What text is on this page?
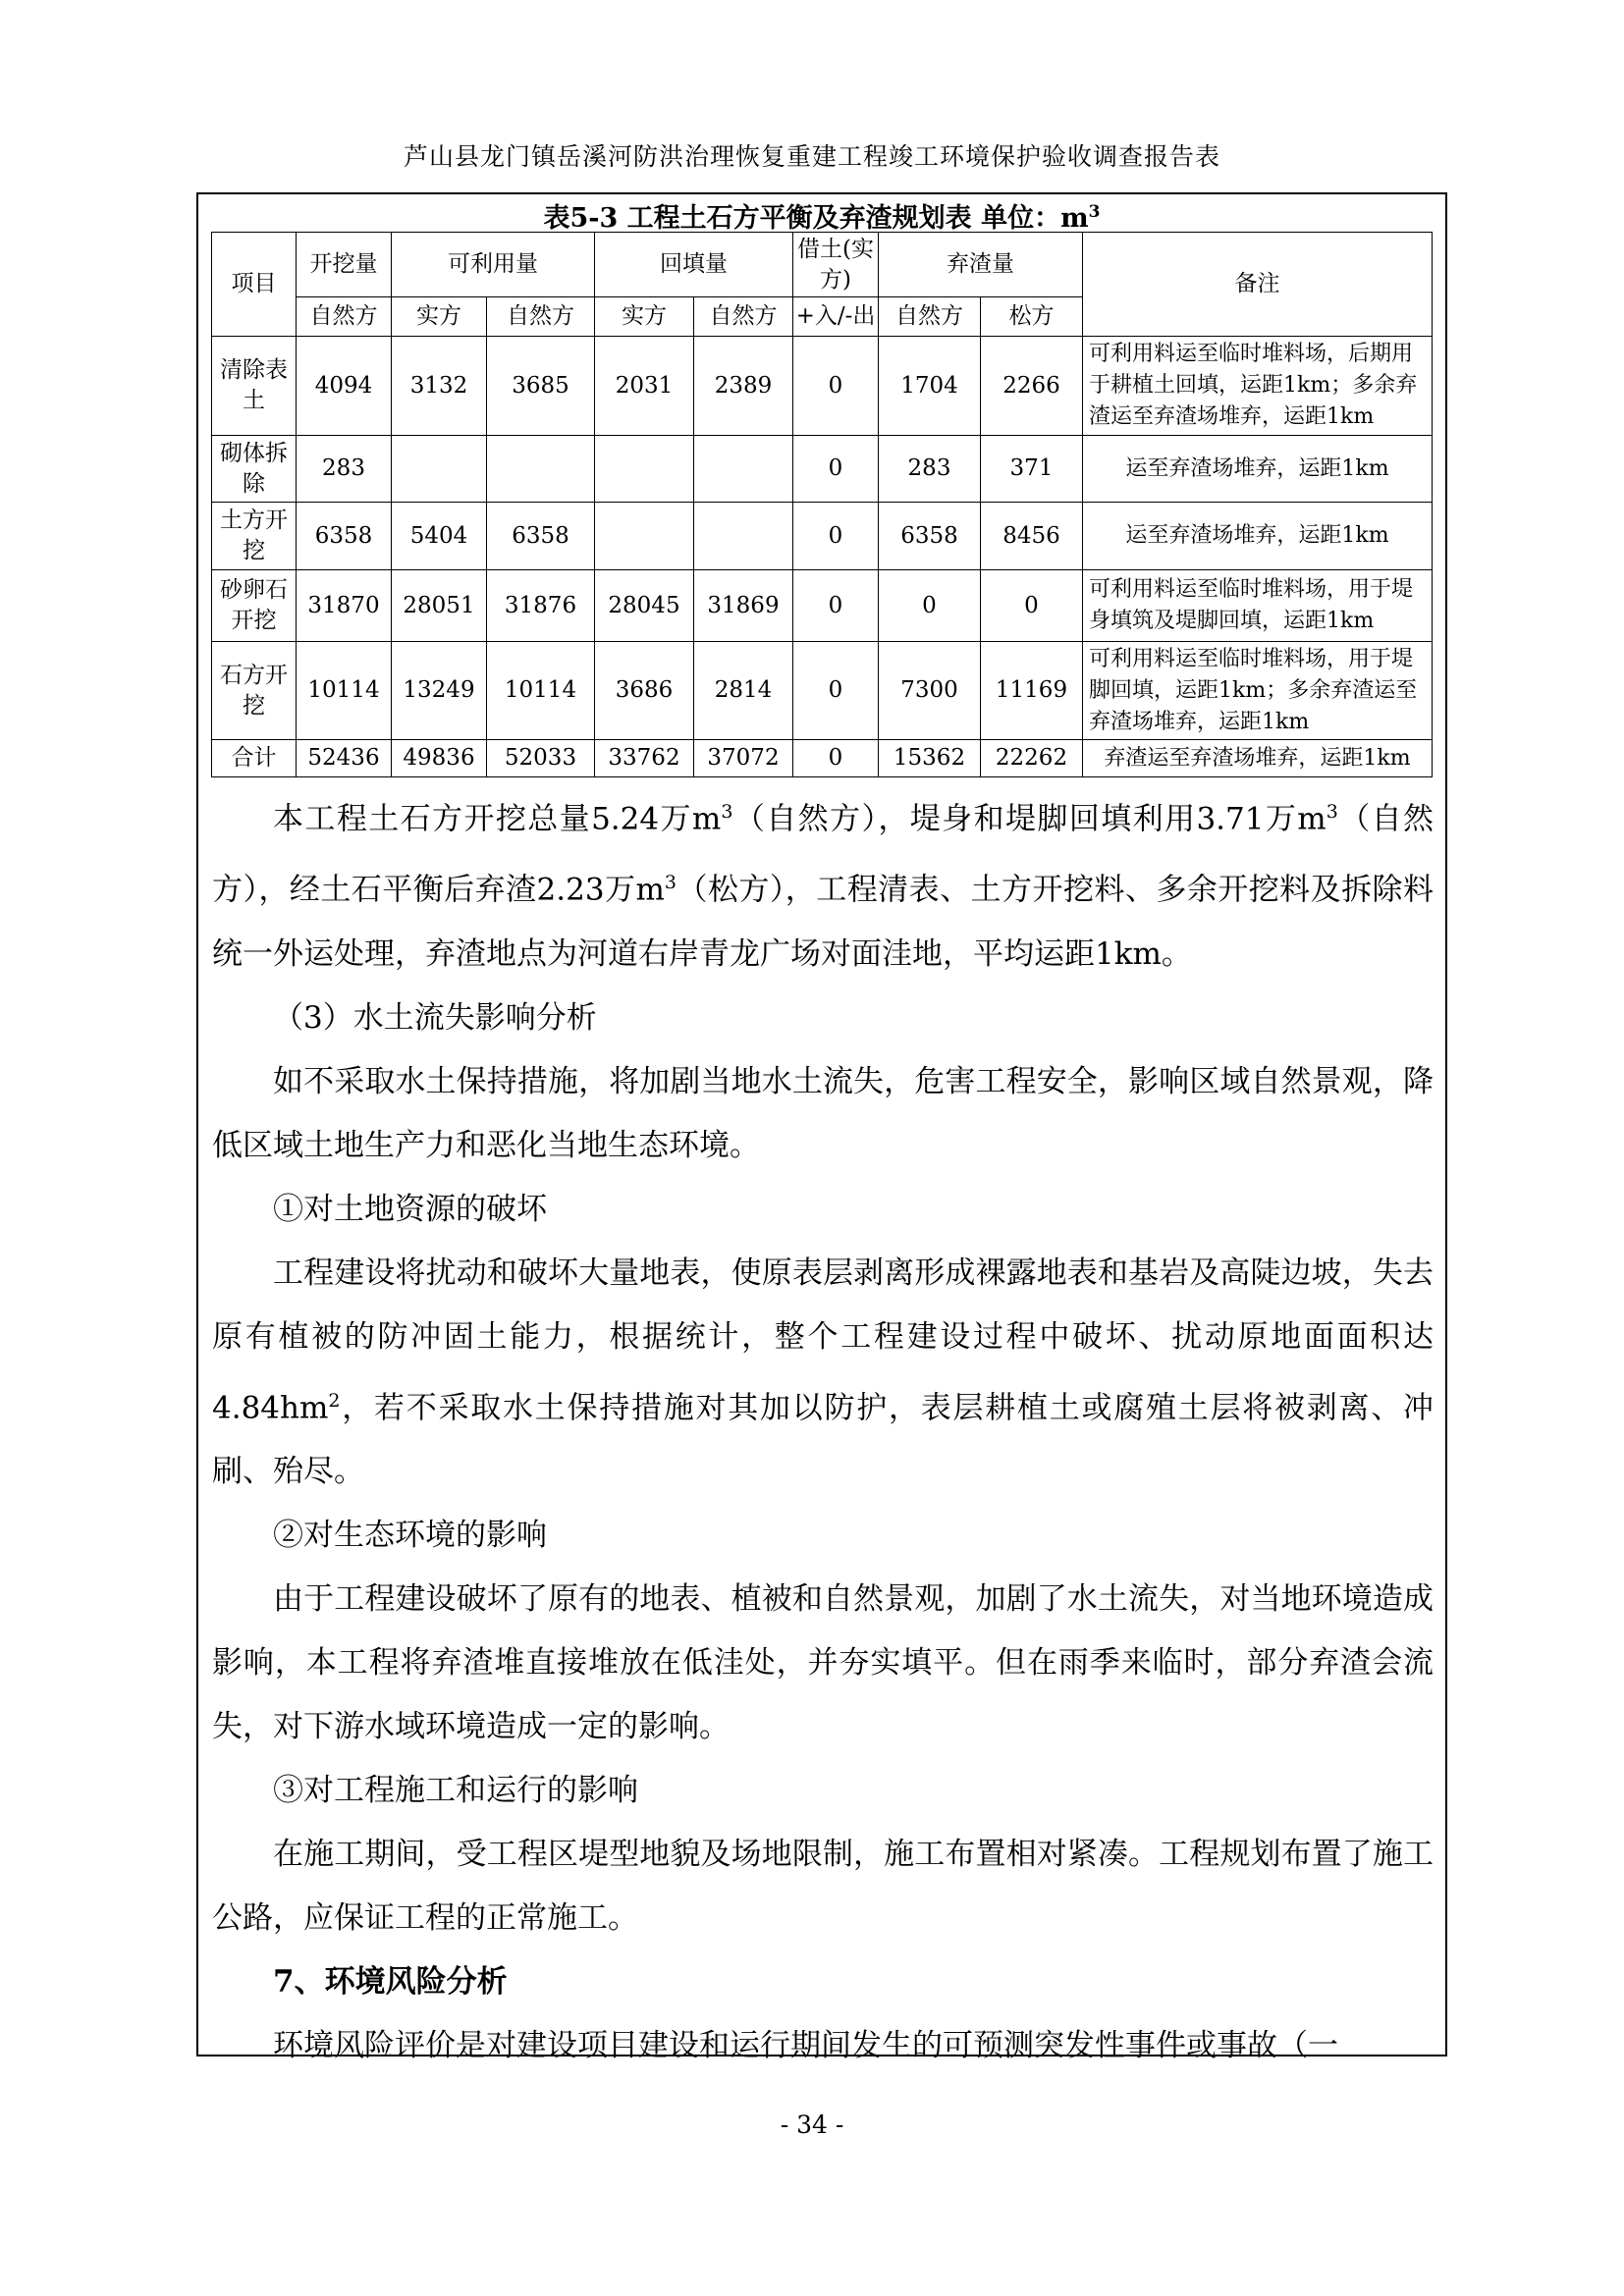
芦山县龙门镇岳溪河防洪治理恢复重建工程竣工环境保护验收调查报告表
表5-3 工程土石方平衡及弃渣规划表 单位：$m^3$
项目	开挖量	可利用量		回填量		借土(实方)	弃渣量		备注
	自然方	实方	自然方	实方	自然方	+入/-出	自然方	松方	
清除表土	4094	3132	3685	2031	2389	0	1704	2266	可利用料运至临时堆料场，后期用于耕植土回填，运距1km；多余弃渣运至弃渣场堆弃，运距1km
砌体拆除	283					0	283	371	运至弃渣场堆弃，运距1km
土方开挖	6358	5404	6358			0	6358	8456	运至弃渣场堆弃，运距1km
砂卵石开挖	31870	28051	31876	28045	31869	0	0	0	可利用料运至临时堆料场，用于堤身填筑及堤脚回填，运距1km
石方开挖	10114	13249	10114	3686	2814	0	7300	11169	可利用料运至临时堆料场，用于堤脚回填，运距1km；多余弃渣运至弃渣场堆弃，运距1km
合计	52436	49836	52033	33762	37072	0	15362	22262	弃渣运至弃渣场堆弃，运距1km

本工程土石方开挖总量5.24万$m^3$（自然方），堤身和堤脚回填利用3.71万$m^3$（自然方），经土石平衡后弃渣2.23万$m^3$（松方），工程清表、土方开挖料、多余开挖料及拆除料统一外运处理，弃渣地点为河道右岸青龙广场对面洼地，平均运距1km。

（3）水土流失影响分析

如不采取水土保持措施，将加剧当地水土流失，危害工程安全，影响区域自然景观，降低区域土地生产力和恶化当地生态环境。

①对土地资源的破坏

工程建设将扰动和破坏大量地表，使原表层剥离形成裸露地表和基岩及高陡边坡，失去原有植被的防冲固土能力，根据统计，整个工程建设过程中破坏、扰动原地面面积达$4.84hm^2$，若不采取水土保持措施对其加以防护，表层耕植土或腐殖土层将被剥离、冲刷、殆尽。

②对生态环境的影响

由于工程建设破坏了原有的地表、植被和自然景观，加剧了水土流失，对当地环境造成影响，本工程将弃渣堆直接堆放在低洼处，并夯实填平。但在雨季来临时，部分弃渣会流失，对下游水域环境造成一定的影响。

③对工程施工和运行的影响

在施工期间，受工程区堤型地貌及场地限制，施工布置相对紧凑。工程规划布置了施工公路，应保证工程的正常施工。

7、环境风险分析

环境风险评价是对建设项目建设和运行期间发生的可预测突发性事件或事故（一

- 34 -
